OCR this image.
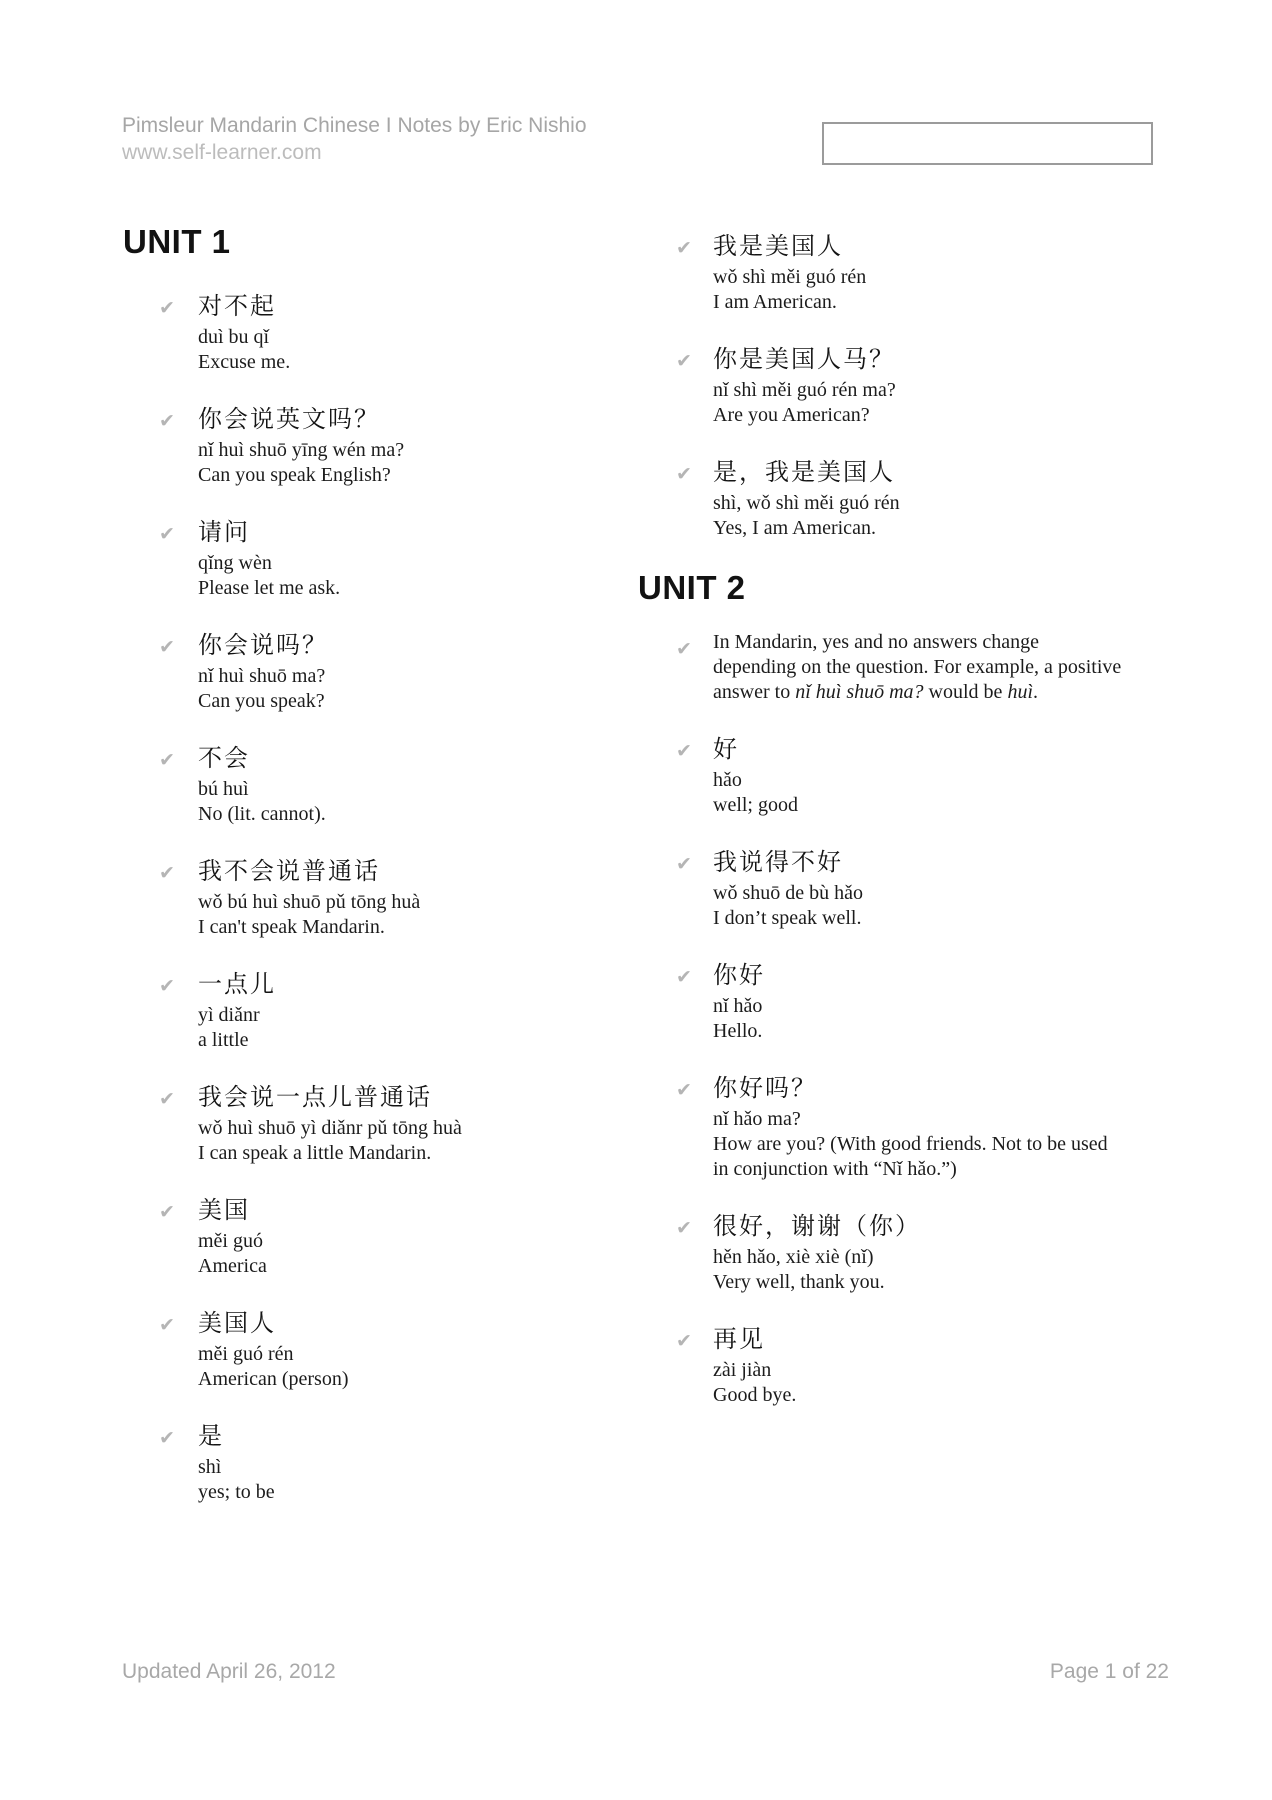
Pimsleur Mandarin Chinese I Notes by Eric Nishio
www.self-learner.com
UNIT 1
✔ 对不起
duì bu qǐ
Excuse me.
✔ 你会说英文吗？
nǐ huì shuō yīng wén ma?
Can you speak English?
✔ 请问
qǐng wèn
Please let me ask.
✔ 你会说吗？
nǐ huì shuō ma?
Can you speak?
✔ 不会
bú huì
No (lit. cannot).
✔ 我不会说普通话
wǒ bú huì shuō pǔ tōng huà
I can't speak Mandarin.
✔ 一点儿
yì diǎnr
a little
✔ 我会说一点儿普通话
wǒ huì shuō yì diǎnr pǔ tōng huà
I can speak a little Mandarin.
✔ 美国
měi guó
America
✔ 美国人
měi guó rén
American (person)
✔ 是
shì
yes; to be
✔ 我是美国人
wǒ shì měi guó rén
I am American.
✔ 你是美国人马？
nǐ shì měi guó rén ma?
Are you American?
✔ 是，我是美国人
shì, wǒ shì měi guó rén
Yes, I am American.
UNIT 2
✔ In Mandarin, yes and no answers change
depending on the question. For example, a positive
answer to nǐ huì shuō ma? would be huì.
✔ 好
hǎo
well; good
✔ 我说得不好
wǒ shuō de bù hǎo
I don’t speak well.
✔ 你好
nǐ hǎo
Hello.
✔ 你好吗？
nǐ hǎo ma?
How are you? (With good friends. Not to be used
in conjunction with “Nǐ hǎo.”)
✔ 很好，谢谢（你）
hěn hǎo, xiè xiè (nǐ)
Very well, thank you.
✔ 再见
zài jiàn
Good bye.
Updated April 26, 2012	Page 1 of 22
